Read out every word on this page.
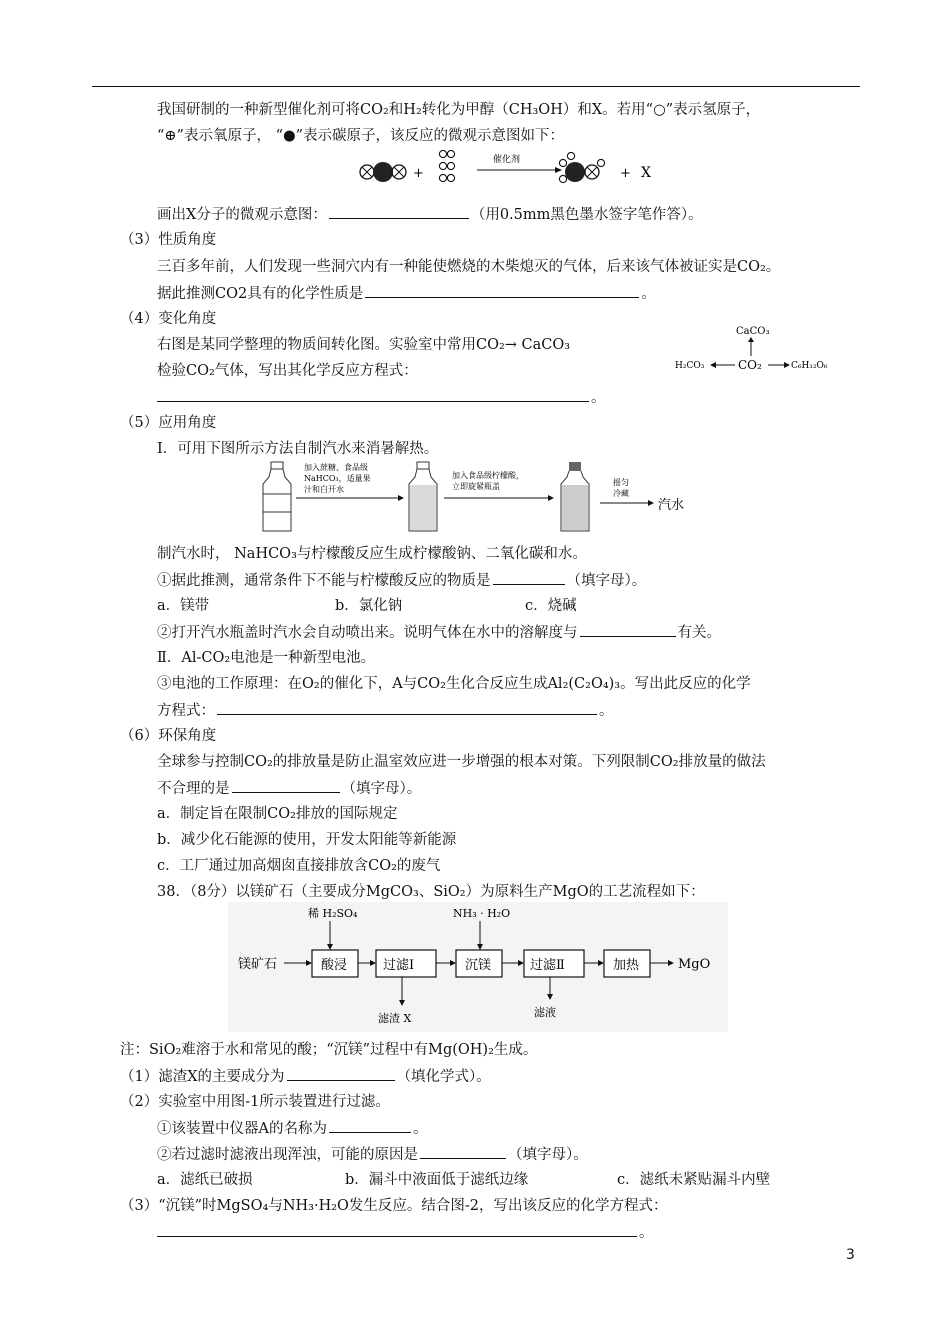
我国研制的一种新型催化剂可将CO₂和H₂转化为甲醇（CH₃OH）和X。若用“○”表示氢原子，
“⊕”表示氧原子， “●”表示碳原子，该反应的微观示意图如下：
+
催化剂
+ X
画出X分子的微观示意图：	（用0.5mm黑色墨水签字笔作答）。
（3）性质角度
三百多年前，人们发现一些洞穴内有一种能使燃烧的木柴熄灭的气体，后来该气体被证实是CO₂。
据此推测CO2具有的化学性质是	。
（4）变化角度
右图是某同学整理的物质间转化图。实验室中常用CO₂→ CaCO₃
检验CO₂气体，写出其化学反应方程式：
。
CaCO₃
CO₂
H₂CO₃	C₆H₁₂O₆
（5）应用角度
Ⅰ．可用下图所示方法自制汽水来消暑解热。
加入蔗糖、食品级
NaHCO₃，适量果
汁和白开水
加入食品级柠檬酸，
立即旋紧瓶盖	摇匀
冷藏
汽水
制汽水时， NaHCO₃与柠檬酸反应生成柠檬酸钠、二氧化碳和水。
①据此推测，通常条件下不能与柠檬酸反应的物质是	（填字母）。
a．镁带	b．氯化钠	c．烧碱
②打开汽水瓶盖时汽水会自动喷出来。说明气体在水中的溶解度与	有关。
Ⅱ．Al-CO₂电池是一种新型电池。
③电池的工作原理：在O₂的催化下，A与CO₂生化合反应生成Al₂(C₂O₄)₃。写出此反应的化学
方程式：	。
（6）环保角度
全球参与控制CO₂的排放量是防止温室效应进一步增强的根本对策。下列限制CO₂排放量的做法
不合理的是	（填字母）。
a．制定旨在限制CO₂排放的国际规定
b．减少化石能源的使用，开发太阳能等新能源
c．工厂通过加高烟囱直接排放含CO₂的废气
38．（8分）以镁矿石（主要成分MgCO₃、SiO₂）为原料生产MgO的工艺流程如下：
稀 H₂SO₄	NH₃ · H₂O
镁矿石	酸浸	过滤Ⅰ	沉镁	过滤Ⅱ	加热	MgO
滤渣 X	滤液
注：SiO₂难溶于水和常见的酸；“沉镁”过程中有Mg(OH)₂生成。
（1）滤渣X的主要成分为	（填化学式）。
（2）实验室中用图-1所示装置进行过滤。
①该装置中仪器A的名称为	。
②若过滤时滤液出现浑浊，可能的原因是	（填字母）。
a．滤纸已破损	b．漏斗中液面低于滤纸边缘	c．滤纸未紧贴漏斗内壁
（3）“沉镁”时MgSO₄与NH₃·H₂O发生反应。结合图-2，写出该反应的化学方程式：
。
3
